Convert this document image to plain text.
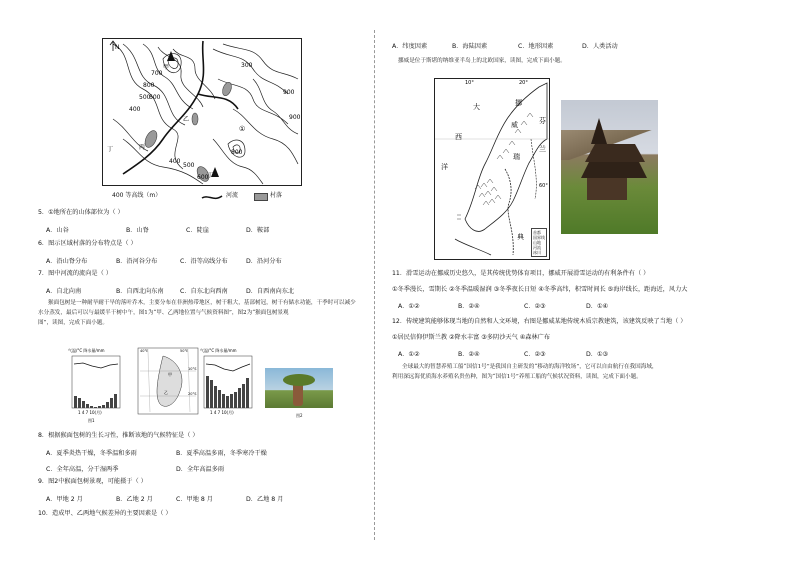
N
700
800
900
500
400
300
600
甲
乙
丙
丁
①
900
400
500
600
800
丁
400 等高线（m）	河流	村落
5．①地所在的山体部位为（ ）
A．山谷	B．山脊	C．陡崖	D．鞍部
6．图示区域村落的分布特点是（ ）
A．沿山脊分布	B．沿河谷分布	C．沿等高线分布	D．沿河分布
7．图中河流的流向是（ ）
A．自北向南	B．自西北向东南	C．自东北向西南	D．自西南向东北
猴面包树是一种耐旱耐干旱的落叶乔木，主要分布在非洲热带地区，树干粗大，基部树冠，树干有储水功能，干季时可以减少
水分蒸发，最后可以与最缓半干树中午，图1为“甲、乙两地位置与气候资料图”，图2为“猴面包树景观
图”，读图，完成下面小题。
气温/°C 降水量/mm
1 4 7 10(月)
图1
40°E	50°E
甲
乙
10°S
20°S
气温/°C 降水量/mm
1 4 7 10(月)
图2
8．根据猴面包树的生长习性，推断该地的气候特征是（ ）
A．夏季炎热干燥，冬季温和多雨	B．夏季高温多雨，冬季寒冷干燥
C．全年高温，分干湿两季	D．全年高温多雨
9．图2中猴面包树景观，可能摄于（ ）
A．甲地 2 月	B．乙地 2 月	C．甲地 8 月	D．乙地 8 月
10．造成甲、乙两地气候差异的主要因素是（ ）
A．纬度因素	B．海陆因素	C．地形因素	D．人类活动
挪威是位于斯堪的纳维亚半岛上的北欧国家，读图，完成下面小题。
10°	20°
大
西
洋
挪
威	芬
兰
瑞
典
60°
首都
国界线
山地
河流
冰川
11．滑雪运动在挪威历史悠久，是其传统优势体育项目，挪威开展滑雪运动的有利条件有（ ）
①冬季漫长，雪期长 ②冬季温暖湿润 ③冬季夜长日短 ④冬季高纬，积雪时间长 ⑤海岸线长，距海近，风力大
A．①②	B．②④	C．②③	D．①④
12．传统建筑能够体现当地的自然和人文环境，右图是挪威某地传统木质宗教建筑，该建筑反映了当地（ ）
①居民信仰伊斯兰教 ②降水丰富 ③多阴沙天气 ④森林广布
A．①②	B．②④	C．②③	D．①③
全球最大的智慧养殖工船“国信1号”是我国自主研发的“移动的海洋牧场”，它可以自由航行在我国海域，
利用深远海优质海水养殖名贵鱼种，图为“国信1号”养殖工船的气候状况资料，读图，完成下面小题。
